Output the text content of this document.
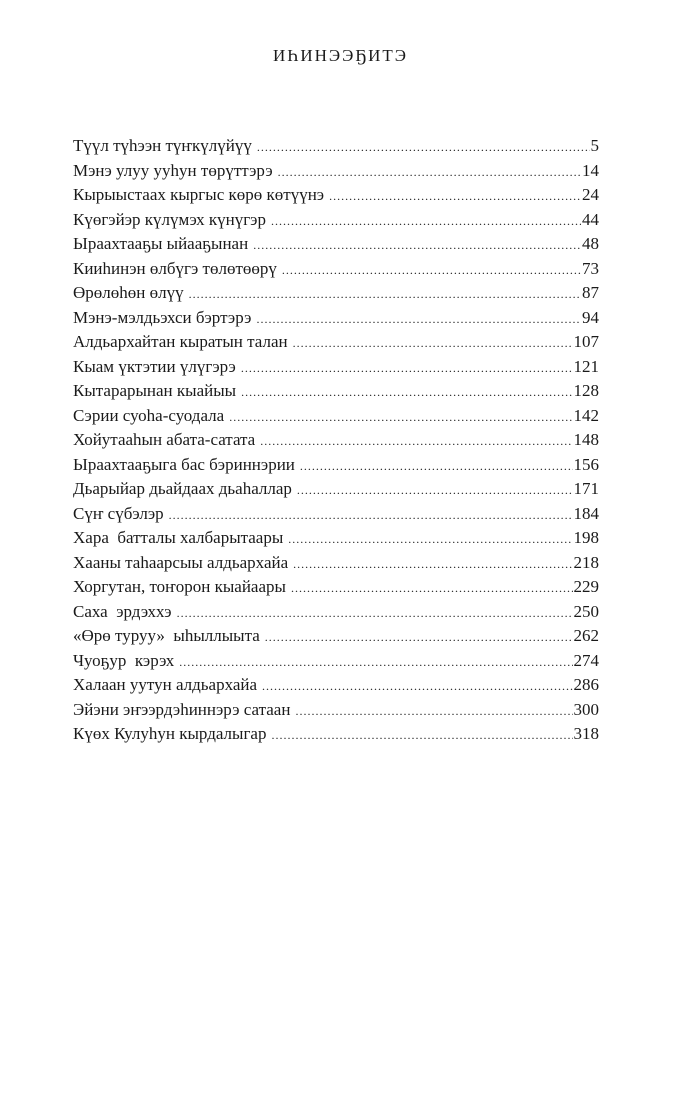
ИҺИНЭЭҔИТЭ
Түүл түһээн түҥкүлүйүү .....	5
Мэнэ улуу ууһун төрүттэрэ .....	14
Кырыыстаах кыргыс көрө көтүүнэ .....	24
Күөгэйэр күлүмэх күнүгэр .....	44
Ыраахтааҕы ыйааҕынан .....	48
Кииһинэн өлбүгэ төлөтөөрү .....	73
Өрөлөһөн өлүү .....	87
Мэнэ-мэлдьэхси бэртэрэ .....	94
Алдьархайтан кыратын талан .....	107
Кыам үктэтии үлүгэрэ .....	121
Кытарарынан кыайыы .....	128
Сэрии суоһа-суодала .....	142
Хойутааһын абата-сатата .....	148
Ыраахтааҕыга бас бэриннэрии .....	156
Дьарыйар дьайдаах дьаһаллар .....	171
Сүҥ сүбэлэр .....	184
Хара  батталы халбарытаары .....	198
Хааны таһаарсыы алдьархайа .....	218
Хоргутан, тоҥорон кыайаары .....	229
Саха  эрдэххэ .....	250
«Өрө туруу»  ыһыллыыта .....	262
Чуоҕур  кэрэх .....	274
Халаан уутун алдьархайа .....	286
Эйэни эҥээрдэһиннэрэ сатаан .....	300
Күөх Кулуһун кырдалыгар .....	318
